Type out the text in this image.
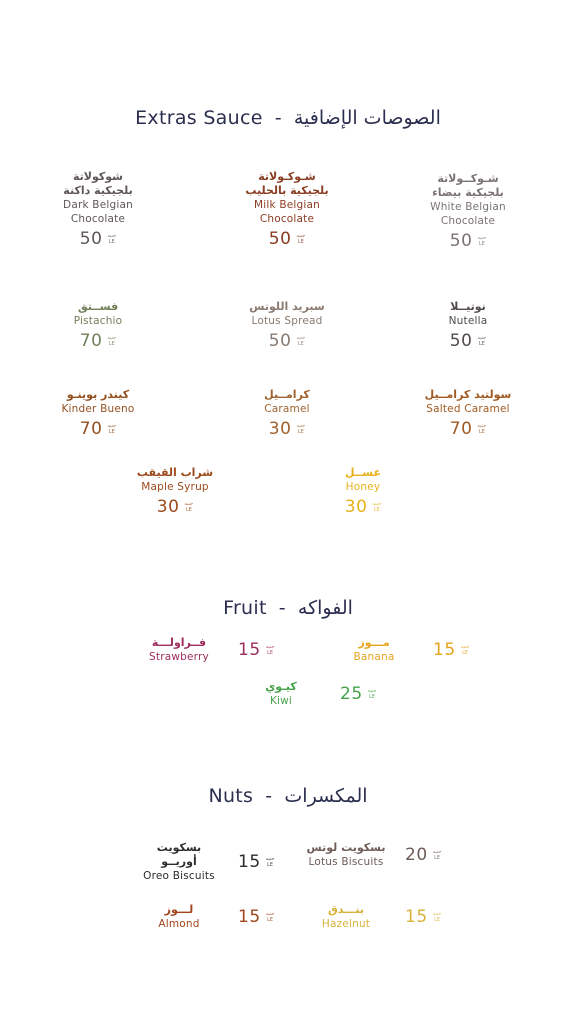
Extras Sauce - الصوصات الإضافية
شوكولاتة
بلجيكية داكنة
Dark Belgian
Chocolate
50 جنيه
LE
شـوكـولاتة
بلجيكية بالحليب
Milk Belgian
Chocolate
50 جنيه
LE
شـوكــولاتة
بلجيكية بيضاء
White Belgian
Chocolate
50 جنيه
LE
فســتق
Pistachio
70 جنيه
LE
سبريد اللوتس
Lotus Spread
50 جنيه
LE
نوتيــلا
Nutella
50 جنيه
LE
كيندر بوينـو
Kinder Bueno
70 جنيه
LE
كرامــيل
Caramel
30 جنيه
LE
سولتيد كرامــيل
Salted Caramel
70 جنيه
LE
شراب القيقب
Maple Syrup
30 جنيه
LE
عســل
Honey
30 جنيه
LE
Fruit - الفواكه
فــراولـــة
Strawberry	15 جنيه
LE
مـــوز
Banana	15 جنيه
LE
كيـوي
Kiwi	25 جنيه
LE
Nuts - المكسرات
بسكويت أوريــو
Oreo Biscuits
15 جنيه
LE
بسكويت لوتس
Lotus Biscuits 20 جنيه
LE
لـــوز
Almond	15 جنيه
LE
بنـــدق
Hazelnut	15 جنيه
LE
